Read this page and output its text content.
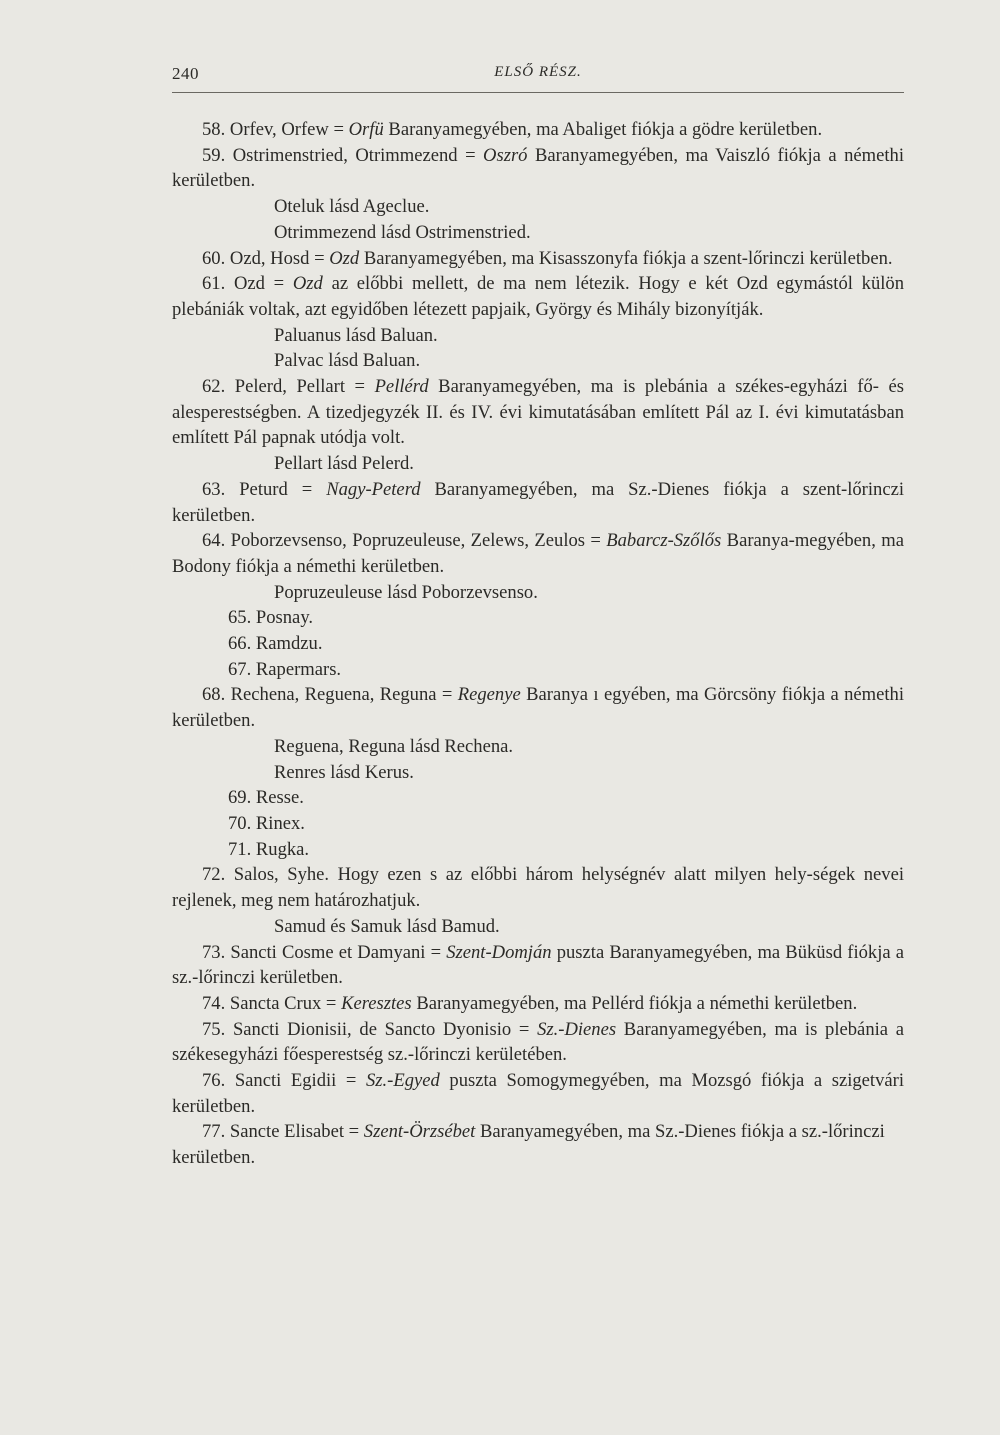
240	ELSŐ RÉSZ.

58. Orfev, Orfew = Orfü Baranyamegyében, ma Abaliget fiókja a gödre kerületben.

59. Ostrimenstried, Otrimmezend = Oszró Baranyamegyében, ma Vaiszló fiókja a némethi kerületben.

Oteluk lásd Ageclue.

Otrimmezend lásd Ostrimenstried.

60. Ozd, Hosd = Ozd Baranyamegyében, ma Kisasszonyfa fiókja a szent-lőrinczi kerületben.

61. Ozd = Ozd az előbbi mellett, de ma nem létezik. Hogy e két Ozd egymástól külön plebániák voltak, azt egyidőben létezett papjaik, György és Mihály bizonyítják.

Paluanus lásd Baluan.

Palvac lásd Baluan.

62. Pelerd, Pellart = Pellérd Baranyamegyében, ma is plebánia a székes-egyházi fő- és alesperestségben. A tizedjegyzék II. és IV. évi kimutatásában említett Pál az I. évi kimutatásban említett Pál papnak utódja volt.

Pellart lásd Pelerd.

63. Peturd = Nagy-Peterd Baranyamegyében, ma Sz.-Dienes fiókja a szent-lőrinczi kerületben.

64. Poborzevsenso, Popruzeuleuse, Zelews, Zeulos = Babarcz-Szőlős Baranya-megyében, ma Bodony fiókja a némethi kerületben.

Popruzeuleuse lásd Poborzevsenso.

65. Posnay.

66. Ramdzu.

67. Rapermars.

68. Rechena, Reguena, Reguna = Regenye Baranya ı egyében, ma Görcsöny fiókja a némethi kerületben.

Reguena, Reguna lásd Rechena.

Renres lásd Kerus.

69. Resse.

70. Rinex.

71. Rugka.

72. Salos, Syhe. Hogy ezen s az előbbi három helységnév alatt milyen hely-ségek nevei rejlenek, meg nem határozhatjuk.

Samud és Samuk lásd Bamud.

73. Sancti Cosme et Damyani = Szent-Domján puszta Baranyamegyében, ma Büküsd fiókja a sz.-lőrinczi kerületben.

74. Sancta Crux = Keresztes Baranyamegyében, ma Pellérd fiókja a némethi kerületben.

75. Sancti Dionisii, de Sancto Dyonisio = Sz.-Dienes Baranyamegyében, ma is plebánia a székesegyházi főesperestség sz.-lőrinczi kerületében.

76. Sancti Egidii = Sz.-Egyed puszta Somogymegyében, ma Mozsgó fiókja a szigetvári kerületben.

77. Sancte Elisabet = Szent-Örzsébet Baranyamegyében, ma Sz.-Dienes fiókja a sz.-lőrinczi kerületben.
